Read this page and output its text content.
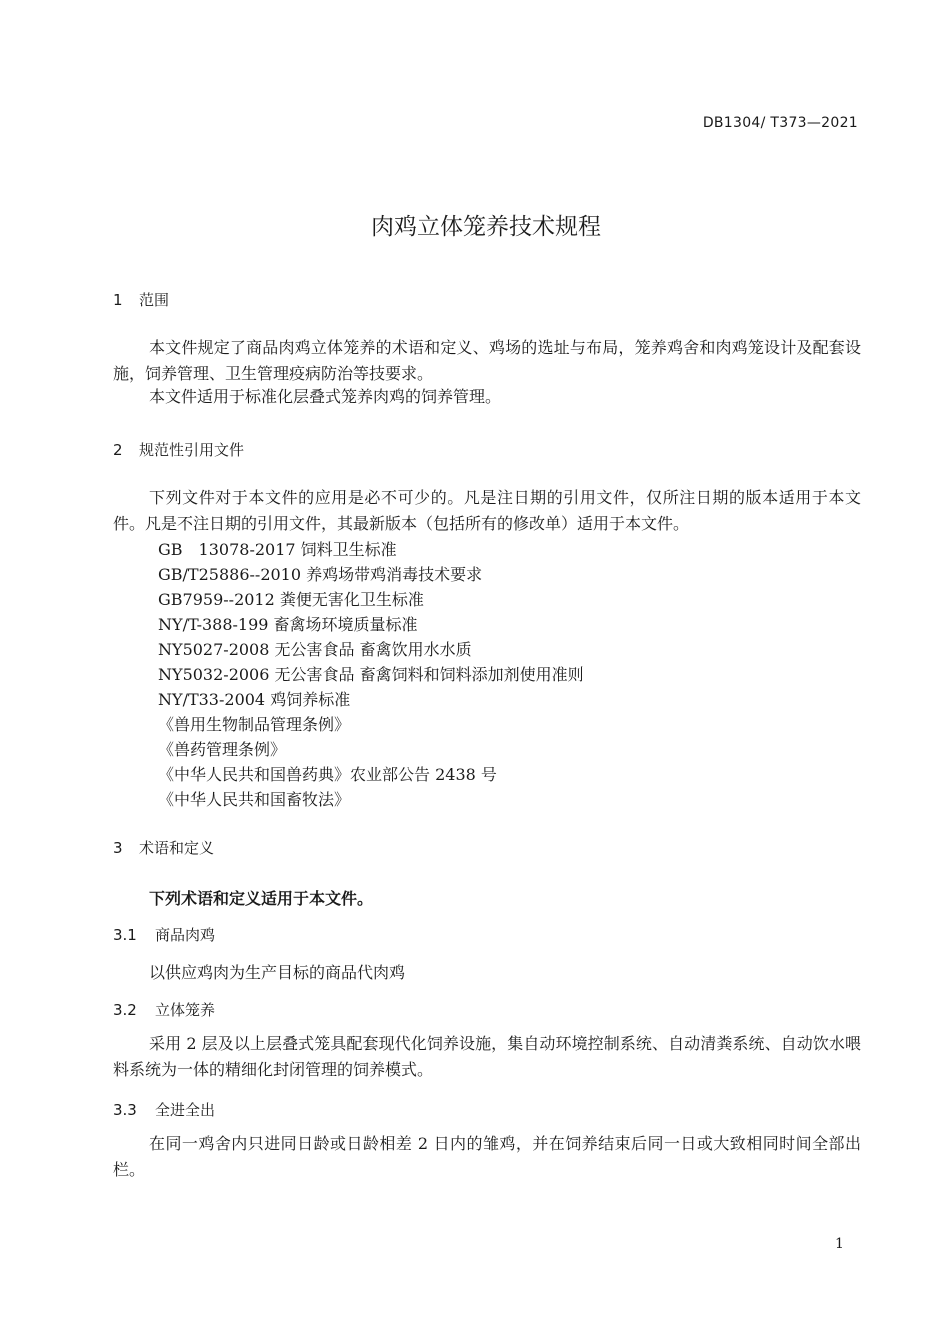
DB1304/ T373—2021
肉鸡立体笼养技术规程
1 范围
本文件规定了商品肉鸡立体笼养的术语和定义、鸡场的选址与布局，笼养鸡舍和肉鸡笼设计及配套设施，饲养管理、卫生管理疫病防治等技要求。
本文件适用于标准化层叠式笼养肉鸡的饲养管理。
2 规范性引用文件
下列文件对于本文件的应用是必不可少的。凡是注日期的引用文件，仅所注日期的版本适用于本文件。凡是不注日期的引用文件，其最新版本（包括所有的修改单）适用于本文件。
GB　13078-2017 饲料卫生标准
GB/T25886--2010 养鸡场带鸡消毒技术要求
GB7959--2012 粪便无害化卫生标准
NY/T-388-199 畜禽场环境质量标准
NY5027-2008 无公害食品 畜禽饮用水水质
NY5032-2006 无公害食品 畜禽饲料和饲料添加剂使用准则
NY/T33-2004 鸡饲养标准
《兽用生物制品管理条例》
《兽药管理条例》
《中华人民共和国兽药典》农业部公告 2438 号
《中华人民共和国畜牧法》
3 术语和定义
下列术语和定义适用于本文件。
3.1 商品肉鸡
以供应鸡肉为生产目标的商品代肉鸡
3.2 立体笼养
采用 2 层及以上层叠式笼具配套现代化饲养设施，集自动环境控制系统、自动清粪系统、自动饮水喂料系统为一体的精细化封闭管理的饲养模式。
3.3 全进全出
在同一鸡舍内只进同日龄或日龄相差 2 日内的雏鸡，并在饲养结束后同一日或大致相同时间全部出栏。
1
